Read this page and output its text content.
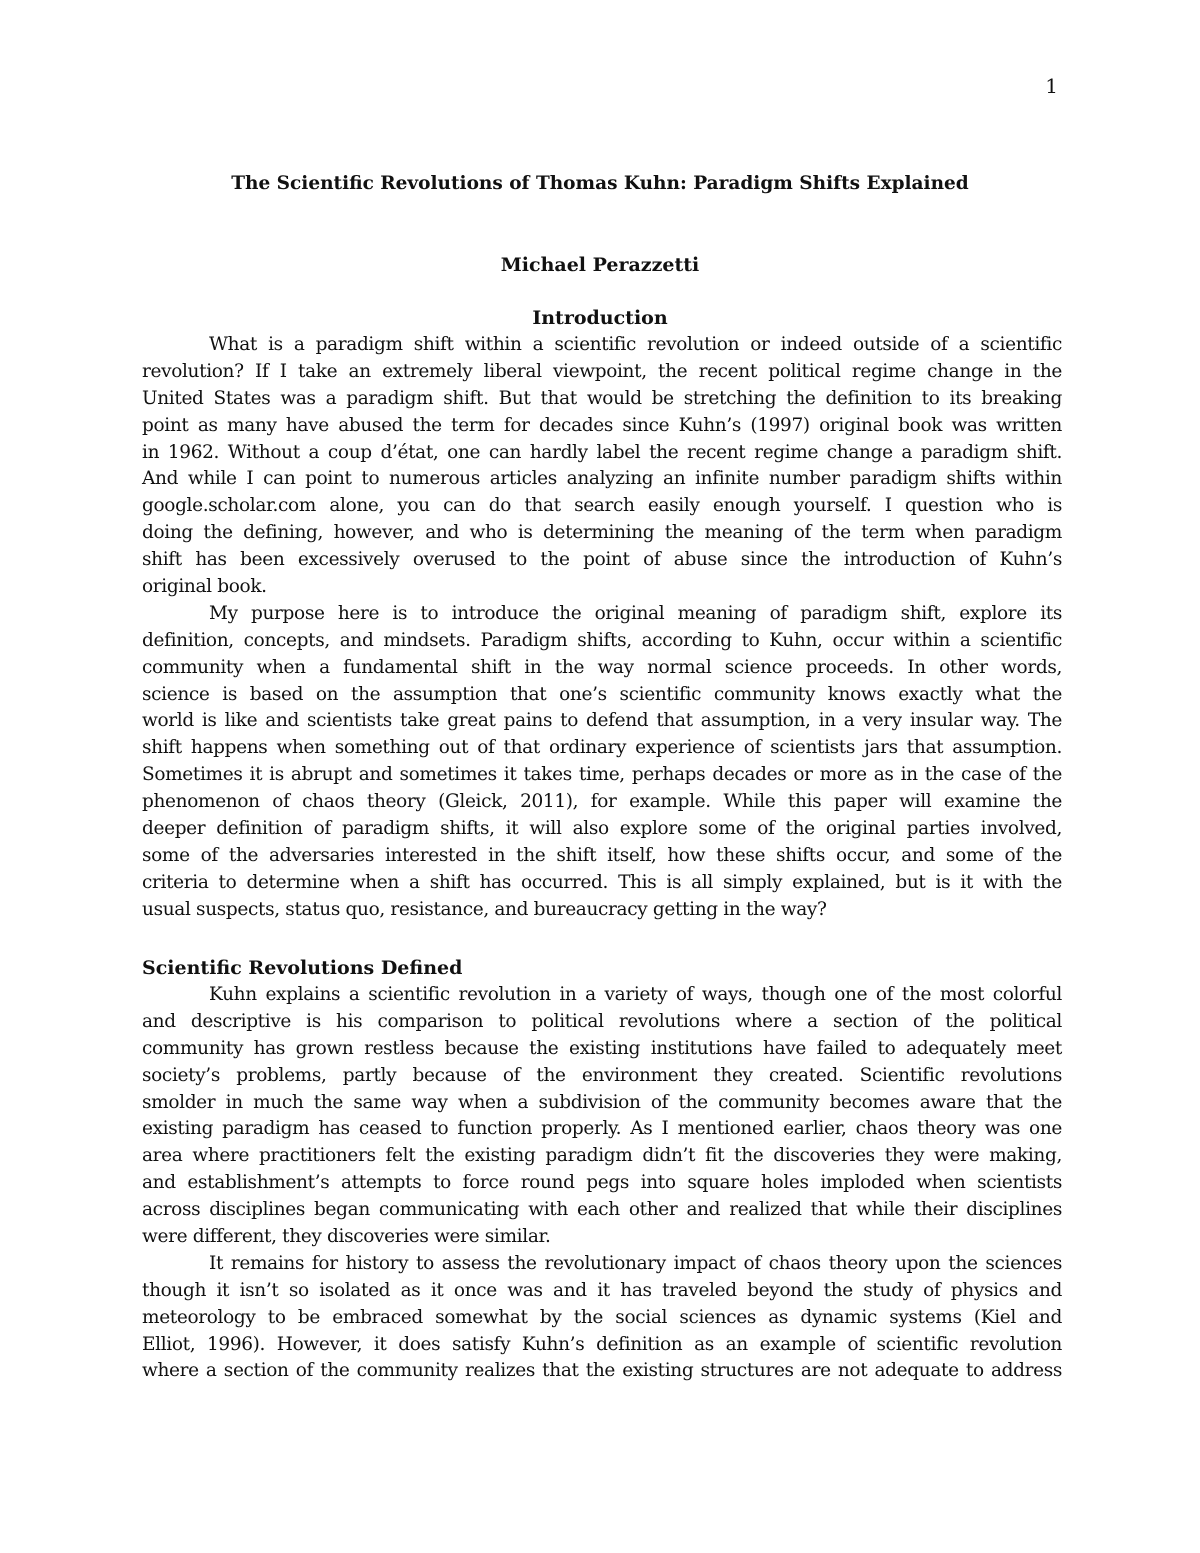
1
The Scientific Revolutions of Thomas Kuhn: Paradigm Shifts Explained
Michael Perazzetti
Introduction
What is a paradigm shift within a scientific revolution or indeed outside of a scientific
revolution? If I take an extremely liberal viewpoint, the recent political regime change in the
United States was a paradigm shift. But that would be stretching the definition to its breaking
point as many have abused the term for decades since Kuhn’s (1997) original book was written
in 1962. Without a coup d’état, one can hardly label the recent regime change a paradigm shift.
And while I can point to numerous articles analyzing an infinite number paradigm shifts within
google.scholar.com alone, you can do that search easily enough yourself. I question who is
doing the defining, however, and who is determining the meaning of the term when paradigm
shift has been excessively overused to the point of abuse since the introduction of Kuhn’s
original book.
My purpose here is to introduce the original meaning of paradigm shift, explore its
definition, concepts, and mindsets. Paradigm shifts, according to Kuhn, occur within a scientific
community when a fundamental shift in the way normal science proceeds. In other words,
science is based on the assumption that one’s scientific community knows exactly what the
world is like and scientists take great pains to defend that assumption, in a very insular way. The
shift happens when something out of that ordinary experience of scientists jars that assumption.
Sometimes it is abrupt and sometimes it takes time, perhaps decades or more as in the case of the
phenomenon of chaos theory (Gleick, 2011), for example. While this paper will examine the
deeper definition of paradigm shifts, it will also explore some of the original parties involved,
some of the adversaries interested in the shift itself, how these shifts occur, and some of the
criteria to determine when a shift has occurred. This is all simply explained, but is it with the
usual suspects, status quo, resistance, and bureaucracy getting in the way?
Scientific Revolutions Defined
Kuhn explains a scientific revolution in a variety of ways, though one of the most colorful
and descriptive is his comparison to political revolutions where a section of the political
community has grown restless because the existing institutions have failed to adequately meet
society’s problems, partly because of the environment they created. Scientific revolutions
smolder in much the same way when a subdivision of the community becomes aware that the
existing paradigm has ceased to function properly. As I mentioned earlier, chaos theory was one
area where practitioners felt the existing paradigm didn’t fit the discoveries they were making,
and establishment’s attempts to force round pegs into square holes imploded when scientists
across disciplines began communicating with each other and realized that while their disciplines
were different, they discoveries were similar.
It remains for history to assess the revolutionary impact of chaos theory upon the sciences
though it isn’t so isolated as it once was and it has traveled beyond the study of physics and
meteorology to be embraced somewhat by the social sciences as dynamic systems (Kiel and
Elliot, 1996). However, it does satisfy Kuhn’s definition as an example of scientific revolution
where a section of the community realizes that the existing structures are not adequate to address
